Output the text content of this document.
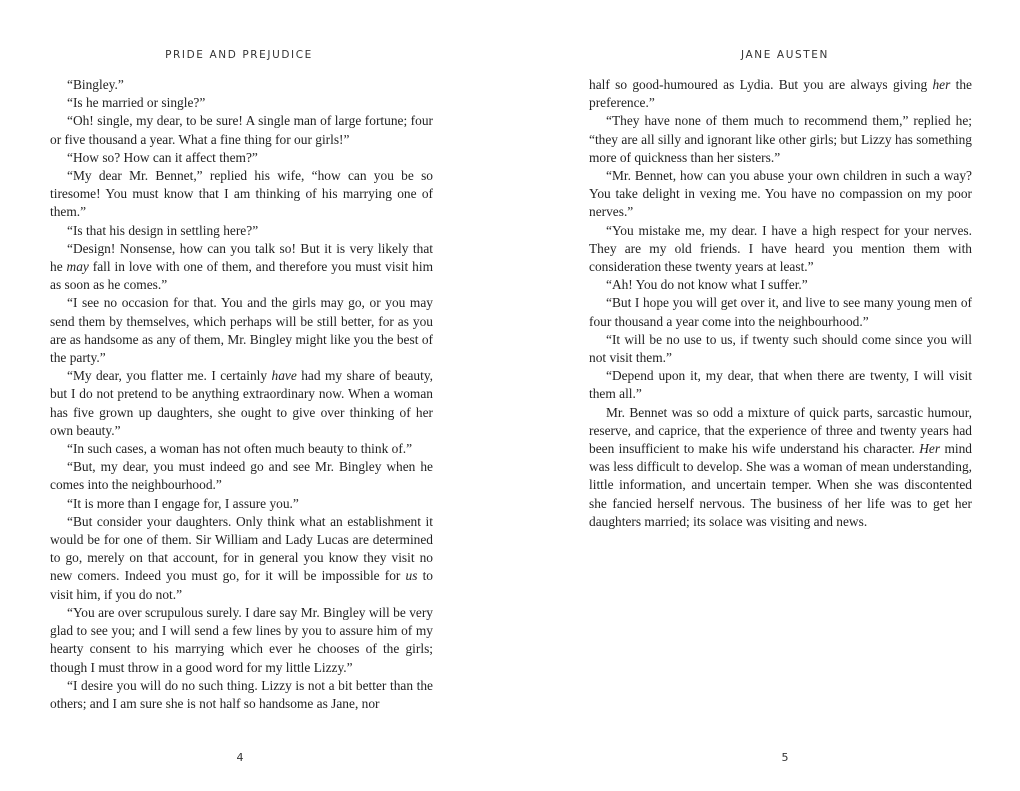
PRIDE AND PREJUDICE

“Bingley.”

“Is he married or single?”

“Oh! single, my dear, to be sure! A single man of large fortune; four or five thousand a year. What a fine thing for our girls!”

“How so? How can it affect them?”

“My dear Mr. Bennet,” replied his wife, “how can you be so tiresome! You must know that I am thinking of his marrying one of them.”

“Is that his design in settling here?”

“Design! Nonsense, how can you talk so! But it is very likely that he may fall in love with one of them, and therefore you must visit him as soon as he comes.”

“I see no occasion for that. You and the girls may go, or you may send them by themselves, which perhaps will be still better, for as you are as handsome as any of them, Mr. Bingley might like you the best of the party.”

“My dear, you flatter me. I certainly have had my share of beauty, but I do not pretend to be anything extraordinary now. When a woman has five grown up daughters, she ought to give over thinking of her own beauty.”

“In such cases, a woman has not often much beauty to think of.”

“But, my dear, you must indeed go and see Mr. Bingley when he comes into the neighbourhood.”

“It is more than I engage for, I assure you.”

“But consider your daughters. Only think what an establishment it would be for one of them. Sir William and Lady Lucas are determined to go, merely on that account, for in general you know they visit no new comers. Indeed you must go, for it will be impossible for us to visit him, if you do not.”

“You are over scrupulous surely. I dare say Mr. Bingley will be very glad to see you; and I will send a few lines by you to assure him of my hearty consent to his marrying which ever he chooses of the girls; though I must throw in a good word for my little Lizzy.”

“I desire you will do no such thing. Lizzy is not a bit better than the others; and I am sure she is not half so handsome as Jane, nor

4
JANE AUSTEN

half so good-humoured as Lydia. But you are always giving her the preference.”

“They have none of them much to recommend them,” replied he; “they are all silly and ignorant like other girls; but Lizzy has something more of quickness than her sisters.”

“Mr. Bennet, how can you abuse your own children in such a way? You take delight in vexing me. You have no compassion on my poor nerves.”

“You mistake me, my dear. I have a high respect for your nerves. They are my old friends. I have heard you mention them with consideration these twenty years at least.”

“Ah! You do not know what I suffer.”

“But I hope you will get over it, and live to see many young men of four thousand a year come into the neighbourhood.”

“It will be no use to us, if twenty such should come since you will not visit them.”

“Depend upon it, my dear, that when there are twenty, I will visit them all.”

Mr. Bennet was so odd a mixture of quick parts, sarcastic humour, reserve, and caprice, that the experience of three and twenty years had been insufficient to make his wife understand his character. Her mind was less difficult to develop. She was a woman of mean understanding, little information, and uncertain temper. When she was discontented she fancied herself nervous. The business of her life was to get her daughters married; its solace was visiting and news.

5
